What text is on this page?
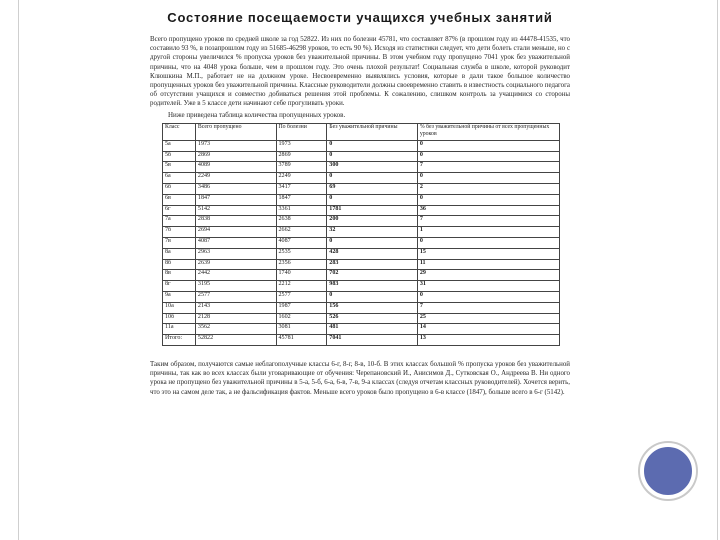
Состояние посещаемости учащихся учебных занятий

Всего пропущено уроков по средней школе за год 52822. Из них по болезни 45781, что составляет 87% (в прошлом году из 44478-41535, что составило 93 %, в позапрошлом году из 51685-46298 уроков, то есть 90 %). Исходя из статистики следует, что дети болеть стали меньше, но с другой стороны увеличился % пропуска уроков без уважительной причины. В этом учебном году пропущено 7041 урок без уважительной причины, что на 4048 урока больше, чем в прошлом году. Это очень плохой результат! Социальная служба в школе, которой руководит Клюшкина М.П., работает не на должном уроке. Несвоевременно выявлялись условия, которые в дали такое большое количество пропущенных уроков без уважительной причины. Классные руководители должны своевременно ставить в известность социального педагога об отсутствии учащихся и совместно добиваться решения этой проблемы. К сожалению, слишком контроль за учащимися со стороны родителей. Уже в 5 классе дети начинают себе прогуливать уроки.

Ниже приведена таблица количества пропущенных уроков.
Класс	Всего пропущено	По болезни	Без уважительной причины	% без уважительной причины от всех пропущенных уроков
5а	1973	1973	0	0
5б	2869	2869	0	0
5в	4089	3789	300	7
6а	2249	2249	0	0
6б	3486	3417	69	2
6в	1847	1847	0	0
6г	5142	3361	1781	36
7а	2838	2638	200	7
7б	2694	2662	32	1
7в	4087	4087	0	0
8а	2963	2535	428	15
8б	2639	2356	283	11
8в	2442	1740	702	29
8г	3195	2212	983	31
9а	2577	2577	0	0
10а	2143	1987	156	7
10б	2128	1602	526	25
11а	3562	3081	481	14
Итого:	52822	45781	7041	13

Таким образом, получаются самые неблагополучные классы 6-г, 8-г, 8-в, 10-б. В этих классах большой % пропуска уроков без уважительной причины, так как во всех классах были уговаривающие от обучения: Черепановский И., Анисимов Д., Сутковская О., Андреева В. Ни одного урока не пропущено без уважительной причины в 5-а, 5-б, 6-а, 6-в, 7-в, 9-а классах (следуя отчетам классных руководителей). Хочется верить, что это на самом деле так, а не фальсификация фактов. Меньше всего уроков было пропущено в 6-в классе (1847), больше всего в 6-г (5142).
